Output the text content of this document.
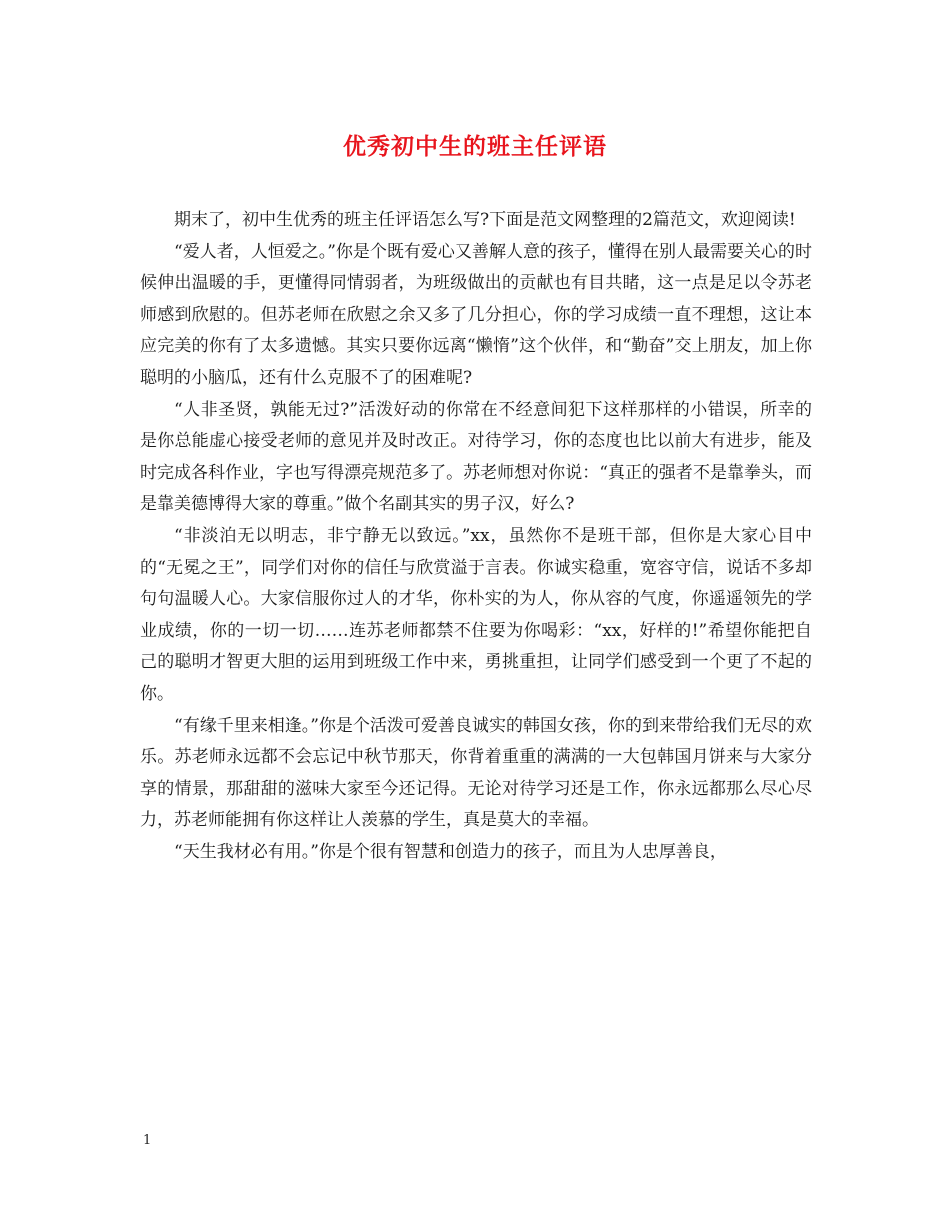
优秀初中生的班主任评语

期末了，初中生优秀的班主任评语怎么写?下面是范文网整理的2篇范文，欢迎阅读!

“爱人者，人恒爱之。”你是个既有爱心又善解人意的孩子，懂得在别人最需要关心的时候伸出温暖的手，更懂得同情弱者，为班级做出的贡献也有目共睹，这一点是足以令苏老师感到欣慰的。但苏老师在欣慰之余又多了几分担心，你的学习成绩一直不理想，这让本应完美的你有了太多遗憾。其实只要你远离“懒惰”这个伙伴，和“勤奋”交上朋友，加上你聪明的小脑瓜，还有什么克服不了的困难呢?

“人非圣贤，孰能无过?”活泼好动的你常在不经意间犯下这样那样的小错误，所幸的是你总能虚心接受老师的意见并及时改正。对待学习，你的态度也比以前大有进步，能及时完成各科作业，字也写得漂亮规范多了。苏老师想对你说：“真正的强者不是靠拳头，而是靠美德博得大家的尊重。”做个名副其实的男子汉，好么?

“非淡泊无以明志，非宁静无以致远。”xx，虽然你不是班干部，但你是大家心目中的“无冕之王”，同学们对你的信任与欣赏溢于言表。你诚实稳重，宽容守信，说话不多却句句温暖人心。大家信服你过人的才华，你朴实的为人，你从容的气度，你遥遥领先的学业成绩，你的一切一切……连苏老师都禁不住要为你喝彩：“xx，好样的!”希望你能把自己的聪明才智更大胆的运用到班级工作中来，勇挑重担，让同学们感受到一个更了不起的你。

“有缘千里来相逢。”你是个活泼可爱善良诚实的韩国女孩，你的到来带给我们无尽的欢乐。苏老师永远都不会忘记中秋节那天，你背着重重的满满的一大包韩国月饼来与大家分享的情景，那甜甜的滋味大家至今还记得。无论对待学习还是工作，你永远都那么尽心尽力，苏老师能拥有你这样让人羡慕的学生，真是莫大的幸福。

“天生我材必有用。”你是个很有智慧和创造力的孩子，而且为人忠厚善良，

1
